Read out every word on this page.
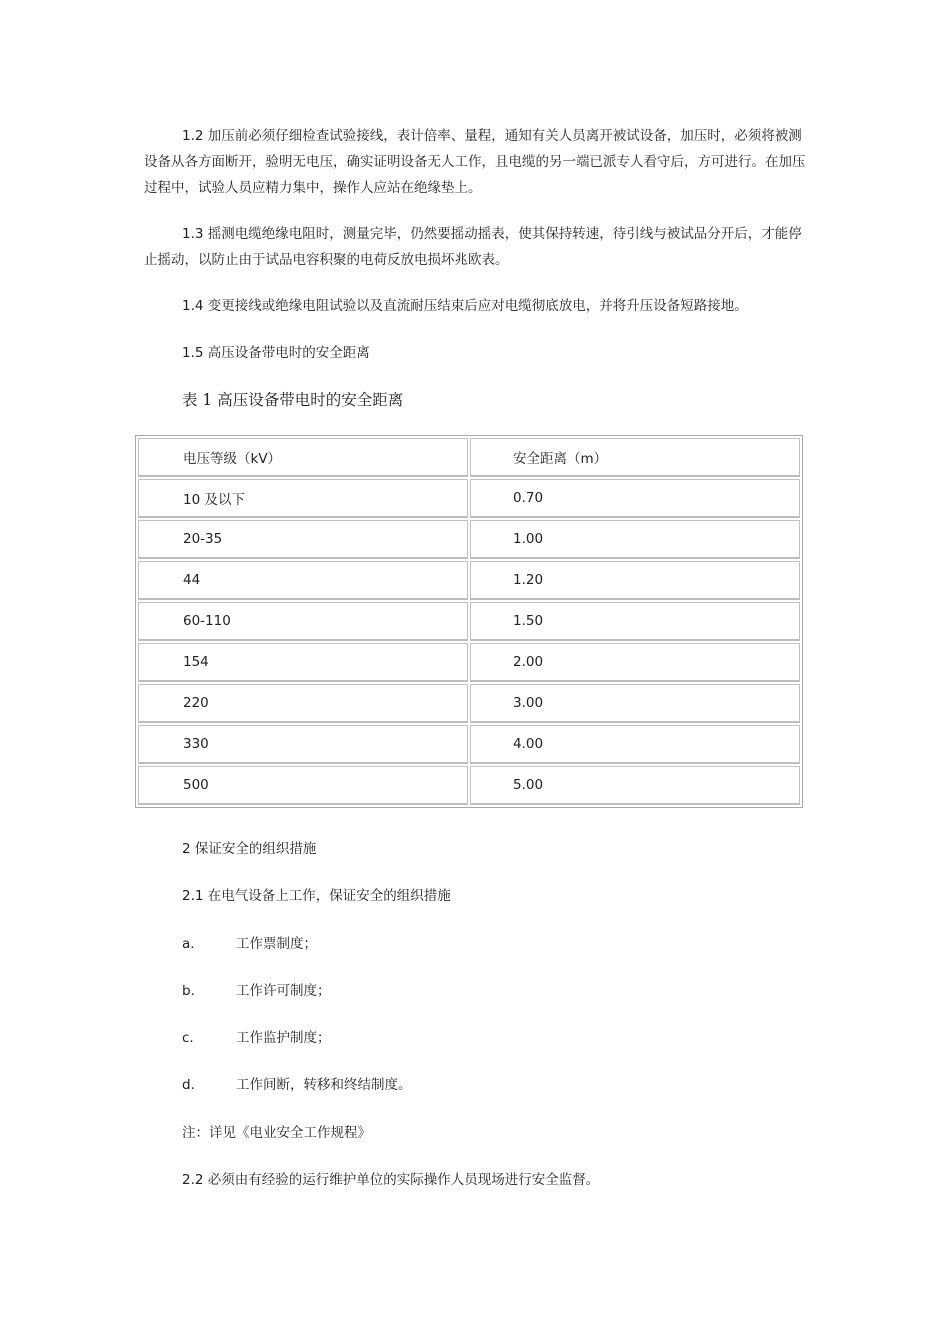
1.2 加压前必须仔细检查试验接线，表计倍率、量程，通知有关人员离开被试设备，加压时，必须将被测设备从各方面断开，验明无电压，确实证明设备无人工作，且电缆的另一端已派专人看守后，方可进行。在加压过程中，试验人员应精力集中，操作人应站在绝缘垫上。

1.3 摇测电缆绝缘电阻时，测量完毕，仍然要摇动摇表，使其保持转速，待引线与被试品分开后，才能停止摇动，以防止由于试品电容积聚的电荷反放电损坏兆欧表。

1.4 变更接线或绝缘电阻试验以及直流耐压结束后应对电缆彻底放电，并将升压设备短路接地。

1.5 高压设备带电时的安全距离

表 1 高压设备带电时的安全距离

电压等级（kV）	安全距离（m）
10 及以下	0.70
20-35	1.00
44	1.20
60-110	1.50
154	2.00
220	3.00
330	4.00
500	5.00

2 保证安全的组织措施

2.1 在电气设备上工作，保证安全的组织措施

a.	工作票制度；
b.	工作许可制度；
c.	工作监护制度；
d.	工作间断，转移和终结制度。

注：详见《电业安全工作规程》

2.2 必须由有经验的运行维护单位的实际操作人员现场进行安全监督。
